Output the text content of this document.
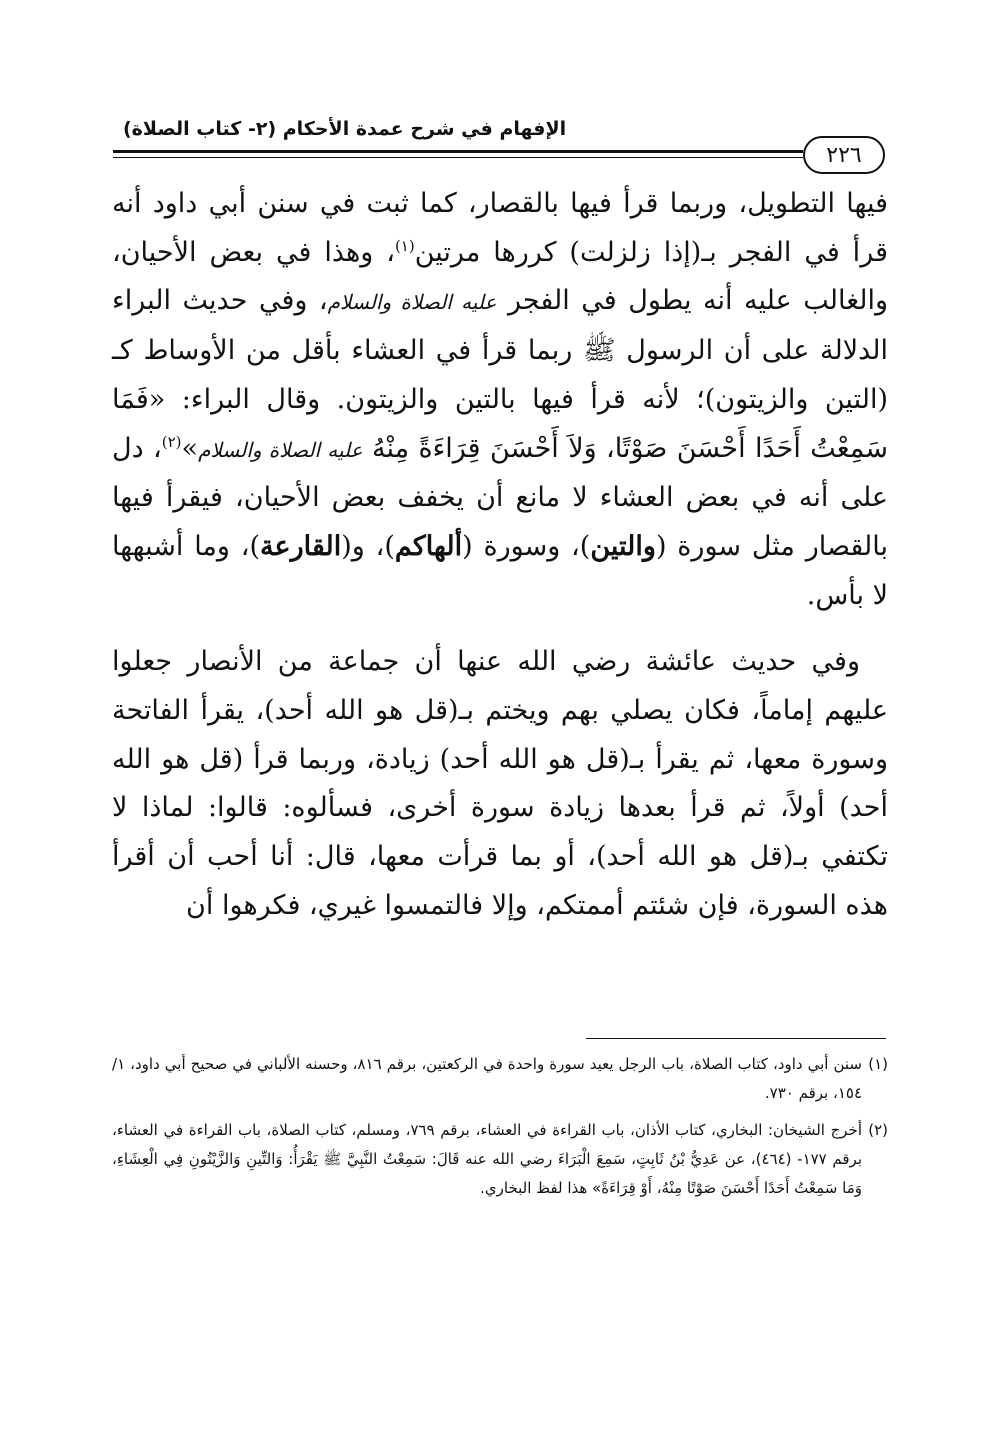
الإفهام في شرح عمدة الأحكام (٢- كتاب الصلاة)
٢٢٦

فيها التطويل، وربما قرأ فيها بالقصار، كما ثبت في سنن أبي داود أنه قرأ في الفجر بـ(إذا زلزلت) كررها مرتين$^{(١)}$، وهذا في بعض الأحيان، والغالب عليه أنه يطول في الفجر عليه الصلاة والسلام، وفي حديث البراء الدلالة على أن الرسول ﷺ ربما قرأ في العشاء بأقل من الأوساط كـ (التين والزيتون)؛ لأنه قرأ فيها بالتين والزيتون. وقال البراء: «فَمَا سَمِعْتُ أَحَدًا أَحْسَنَ صَوْتًا، وَلاَ أَحْسَنَ قِرَاءَةً مِنْهُ عليه الصلاة والسلام»$^{(٢)}$، دل على أنه في بعض العشاء لا مانع أن يخفف بعض الأحيان، فيقرأ فيها بالقصار مثل سورة (والتين)، وسورة (ألهاكم)، و(القارعة)، وما أشبهها لا بأس.

وفي حديث عائشة رضي الله عنها أن جماعة من الأنصار جعلوا عليهم إماماً، فكان يصلي بهم ويختم بـ(قل هو الله أحد)، يقرأ الفاتحة وسورة معها، ثم يقرأ بـ(قل هو الله أحد) زيادة، وربما قرأ (قل هو الله أحد) أولاً، ثم قرأ بعدها زيادة سورة أخرى، فسألوه: قالوا: لماذا لا تكتفي بـ(قل هو الله أحد)، أو بما قرأت معها، قال: أنا أحب أن أقرأ هذه السورة، فإن شئتم أممتكم، وإلا فالتمسوا غيري، فكرهوا أن

(١)
سنن أبي داود، كتاب الصلاة، باب الرجل يعيد سورة واحدة في الركعتين، برقم ٨١٦، وحسنه الألباني في صحيح أبي داود، ١/ ١٥٤، برقم ٧٣٠.

(٢)
أخرج الشيخان: البخاري، كتاب الأذان، باب القراءة في العشاء، برقم ٧٦٩، ومسلم، كتاب الصلاة، باب القراءة في العشاء، برقم ١٧٧- (٤٦٤)، عن عَدِيُّ بْنُ ثَابِتٍ، سَمِعَ الْبَرَاءَ رضي الله عنه قَالَ: سَمِعْتُ النَّبِيَّ ﷺ يَقْرَأُ: وَالتِّينِ وَالزَّيْتُونِ فِي الْعِشَاءِ، وَمَا سَمِعْتُ أَحَدًا أَحْسَنَ صَوْتًا مِنْهُ، أَوْ قِرَاءَةً» هذا لفظ البخاري.
